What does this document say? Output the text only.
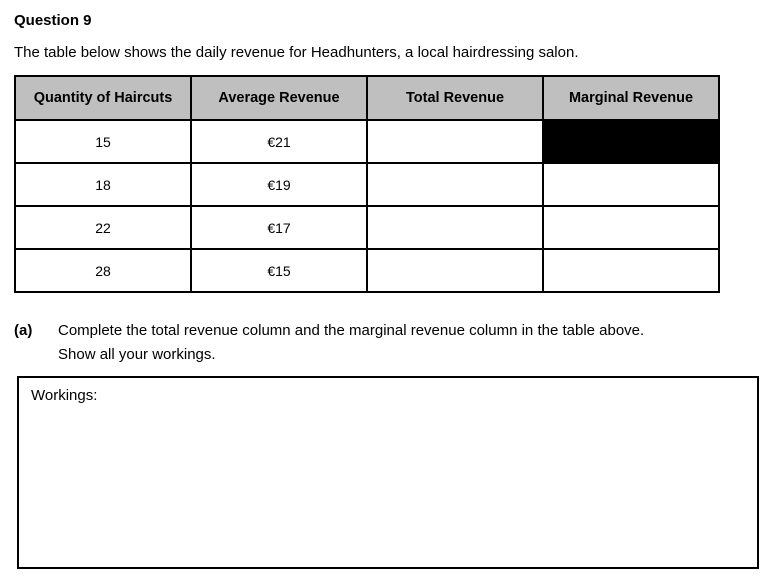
Question 9

The table below shows the daily revenue for Headhunters, a local hairdressing salon.

Quantity of Haircuts	Average Revenue	Total Revenue	Marginal Revenue
15	€21		
18	€19		
22	€17		
28	€15		
(a) Complete the total revenue column and the marginal revenue column in the table above.
Show all your workings.
Workings:
